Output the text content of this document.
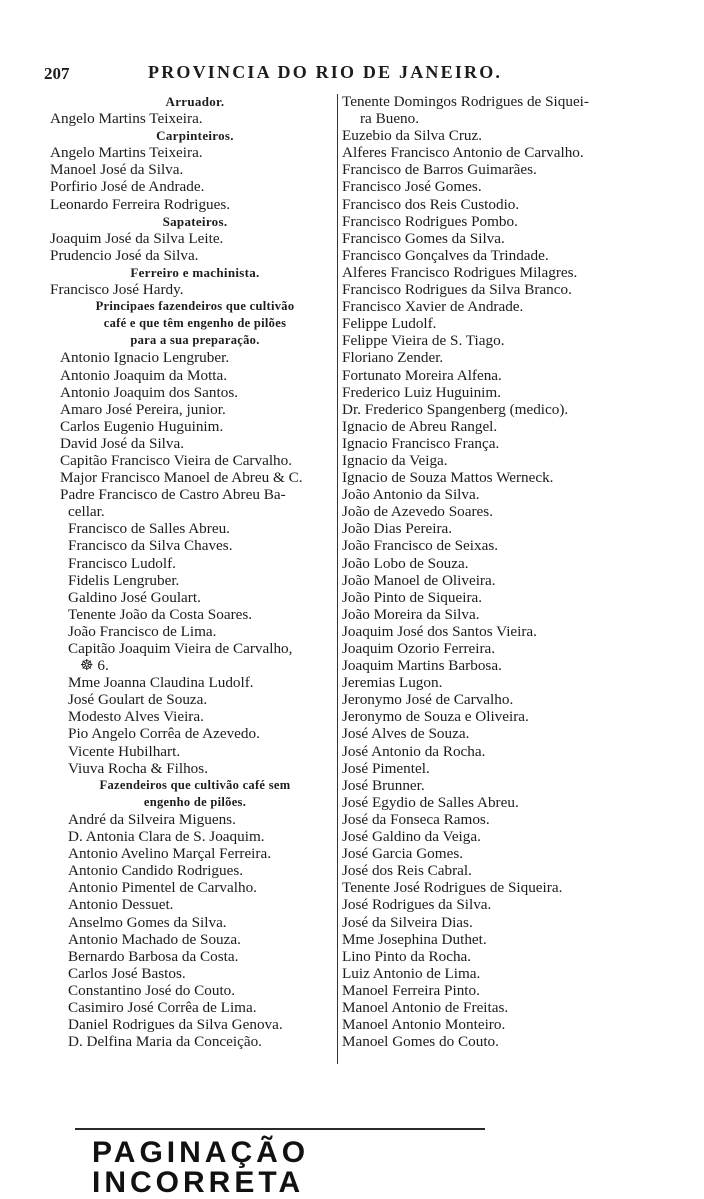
207	PROVINCIA DO RIO DE JANEIRO.
Arruador.
Angelo Martins Teixeira.
Carpinteiros.
Angelo Martins Teixeira.
Manoel José da Silva.
Porfirio José de Andrade.
Leonardo Ferreira Rodrigues.
Sapateiros.
Joaquim José da Silva Leite.
Prudencio José da Silva.
Ferreiro e machinista.
Francisco José Hardy.
Principaes fazendeiros que cultivão
café e que têm engenho de pilões
para a sua preparação.
Antonio Ignacio Lengruber.
Antonio Joaquim da Motta.
Antonio Joaquim dos Santos.
Amaro José Pereira, junior.
Carlos Eugenio Huguinim.
David José da Silva.
Capitão Francisco Vieira de Carvalho.
Major Francisco Manoel de Abreu & C.
Padre Francisco de Castro Abreu Ba-
cellar.
Francisco de Salles Abreu.
Francisco da Silva Chaves.
Francisco Ludolf.
Fidelis Lengruber.
Galdino José Goulart.
Tenente João da Costa Soares.
João Francisco de Lima.
Capitão Joaquim Vieira de Carvalho,
☸ 6.
Mme Joanna Claudina Ludolf.
José Goulart de Souza.
Modesto Alves Vieira.
Pio Angelo Corrêa de Azevedo.
Vicente Hubilhart.
Viuva Rocha & Filhos.
Fazendeiros que cultivão café sem
engenho de pilões.
André da Silveira Miguens.
D. Antonia Clara de S. Joaquim.
Antonio Avelino Marçal Ferreira.
Antonio Candido Rodrigues.
Antonio Pimentel de Carvalho.
Antonio Dessuet.
Anselmo Gomes da Silva.
Antonio Machado de Souza.
Bernardo Barbosa da Costa.
Carlos José Bastos.
Constantino José do Couto.
Casimiro José Corrêa de Lima.
Daniel Rodrigues da Silva Genova.
D. Delfina Maria da Conceição.
Tenente Domingos Rodrigues de Siquei-
ra Bueno.
Euzebio da Silva Cruz.
Alferes Francisco Antonio de Carvalho.
Francisco de Barros Guimarães.
Francisco José Gomes.
Francisco dos Reis Custodio.
Francisco Rodrigues Pombo.
Francisco Gomes da Silva.
Francisco Gonçalves da Trindade.
Alferes Francisco Rodrigues Milagres.
Francisco Rodrigues da Silva Branco.
Francisco Xavier de Andrade.
Felippe Ludolf.
Felippe Vieira de S. Tiago.
Floriano Zender.
Fortunato Moreira Alfena.
Frederico Luiz Huguinim.
Dr. Frederico Spangenberg (medico).
Ignacio de Abreu Rangel.
Ignacio Francisco França.
Ignacio da Veiga.
Ignacio de Souza Mattos Werneck.
João Antonio da Silva.
João de Azevedo Soares.
João Dias Pereira.
João Francisco de Seixas.
João Lobo de Souza.
João Manoel de Oliveira.
João Pinto de Siqueira.
João Moreira da Silva.
Joaquim José dos Santos Vieira.
Joaquim Ozorio Ferreira.
Joaquim Martins Barbosa.
Jeremias Lugon.
Jeronymo José de Carvalho.
Jeronymo de Souza e Oliveira.
José Alves de Souza.
José Antonio da Rocha.
José Pimentel.
José Brunner.
José Egydio de Salles Abreu.
José da Fonseca Ramos.
José Galdino da Veiga.
José Garcia Gomes.
José dos Reis Cabral.
Tenente José Rodrigues de Siqueira.
José Rodrigues da Silva.
José da Silveira Dias.
Mme Josephina Duthet.
Lino Pinto da Rocha.
Luiz Antonio de Lima.
Manoel Ferreira Pinto.
Manoel Antonio de Freitas.
Manoel Antonio Monteiro.
Manoel Gomes do Couto.
PAGINAÇÃO INCORRETA
